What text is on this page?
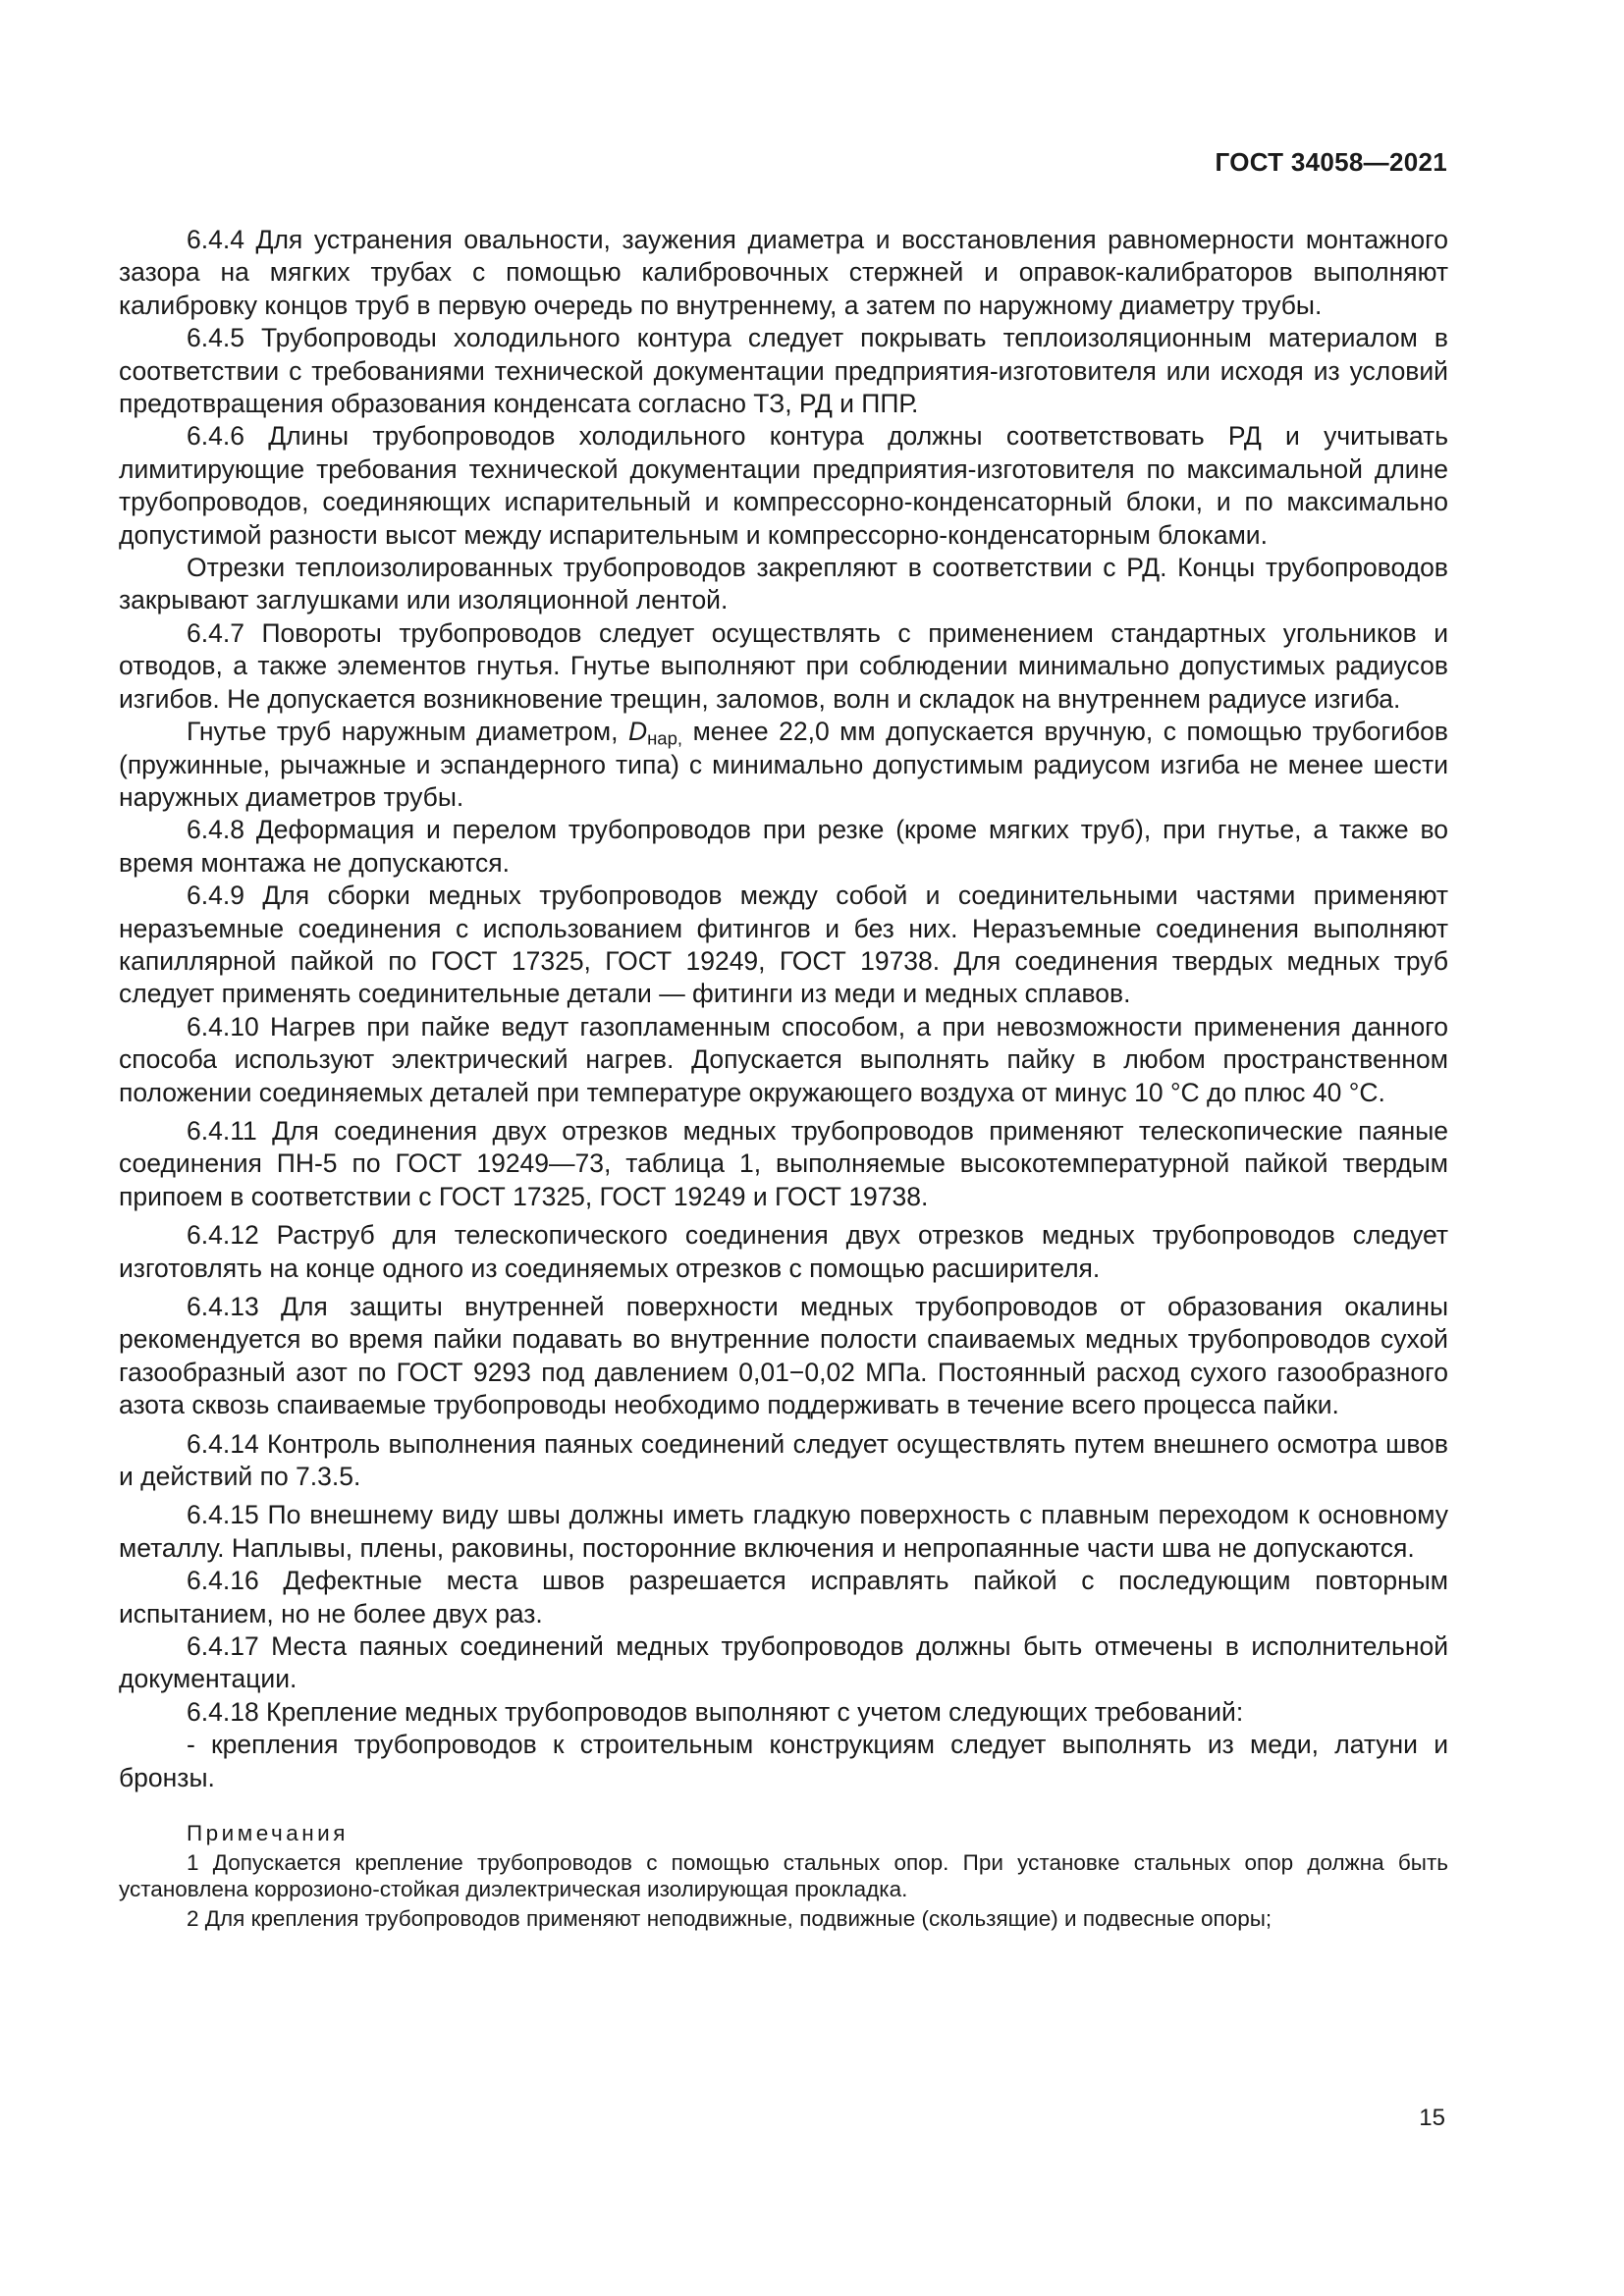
ГОСТ 34058—2021

6.4.4 Для устранения овальности, заужения диаметра и восстановления равномерности монтажного зазора на мягких трубах с помощью калибровочных стержней и оправок-калибраторов выполняют калибровку концов труб в первую очередь по внутреннему, а затем по наружному диаметру трубы.

6.4.5 Трубопроводы холодильного контура следует покрывать теплоизоляционным материалом в соответствии с требованиями технической документации предприятия-изготовителя или исходя из условий предотвращения образования конденсата согласно ТЗ, РД и ППР.

6.4.6 Длины трубопроводов холодильного контура должны соответствовать РД и учитывать лимитирующие требования технической документации предприятия-изготовителя по максимальной длине трубопроводов, соединяющих испарительный и компрессорно-конденсаторный блоки, и по максимально допустимой разности высот между испарительным и компрессорно-конденсаторным блоками.

Отрезки теплоизолированных трубопроводов закрепляют в соответствии с РД. Концы трубопроводов закрывают заглушками или изоляционной лентой.

6.4.7 Повороты трубопроводов следует осуществлять с применением стандартных угольников и отводов, а также элементов гнутья. Гнутье выполняют при соблюдении минимально допустимых радиусов изгибов. Не допускается возникновение трещин, заломов, волн и складок на внутреннем радиусе изгиба.

Гнутье труб наружным диаметром, $D_{нар,}$ менее 22,0 мм допускается вручную, с помощью трубогибов (пружинные, рычажные и эспандерного типа) с минимально допустимым радиусом изгиба не менее шести наружных диаметров трубы.

6.4.8 Деформация и перелом трубопроводов при резке (кроме мягких труб), при гнутье, а также во время монтажа не допускаются.

6.4.9 Для сборки медных трубопроводов между собой и соединительными частями применяют неразъемные соединения с использованием фитингов и без них. Неразъемные соединения выполняют капиллярной пайкой по ГОСТ 17325, ГОСТ 19249, ГОСТ 19738. Для соединения твердых медных труб следует применять соединительные детали — фитинги из меди и медных сплавов.

6.4.10 Нагрев при пайке ведут газопламенным способом, а при невозможности применения данного способа используют электрический нагрев. Допускается выполнять пайку в любом пространственном положении соединяемых деталей при температуре окружающего воздуха от минус 10 °С до плюс 40 °С.

6.4.11 Для соединения двух отрезков медных трубопроводов применяют телескопические паяные соединения ПН-5 по ГОСТ 19249—73, таблица 1, выполняемые высокотемпературной пайкой твердым припоем в соответствии с ГОСТ 17325, ГОСТ 19249 и ГОСТ 19738.

6.4.12 Раструб для телескопического соединения двух отрезков медных трубопроводов следует изготовлять на конце одного из соединяемых отрезков с помощью расширителя.

6.4.13 Для защиты внутренней поверхности медных трубопроводов от образования окалины рекомендуется во время пайки подавать во внутренние полости спаиваемых медных трубопроводов сухой газообразный азот по ГОСТ 9293 под давлением 0,01−0,02 МПа. Постоянный расход сухого газообразного азота сквозь спаиваемые трубопроводы необходимо поддерживать в течение всего процесса пайки.

6.4.14 Контроль выполнения паяных соединений следует осуществлять путем внешнего осмотра швов и действий по 7.3.5.

6.4.15 По внешнему виду швы должны иметь гладкую поверхность с плавным переходом к основному металлу. Наплывы, плены, раковины, посторонние включения и непропаянные части шва не допускаются.

6.4.16 Дефектные места швов разрешается исправлять пайкой с последующим повторным испытанием, но не более двух раз.

6.4.17 Места паяных соединений медных трубопроводов должны быть отмечены в исполнительной документации.

6.4.18 Крепление медных трубопроводов выполняют с учетом следующих требований:

- крепления трубопроводов к строительным конструкциям следует выполнять из меди, латуни и бронзы.

Примечания

1 Допускается крепление трубопроводов с помощью стальных опор. При установке стальных опор должна быть установлена коррозионо-стойкая диэлектрическая изолирующая прокладка.

2 Для крепления трубопроводов применяют неподвижные, подвижные (скользящие) и подвесные опоры;

15
